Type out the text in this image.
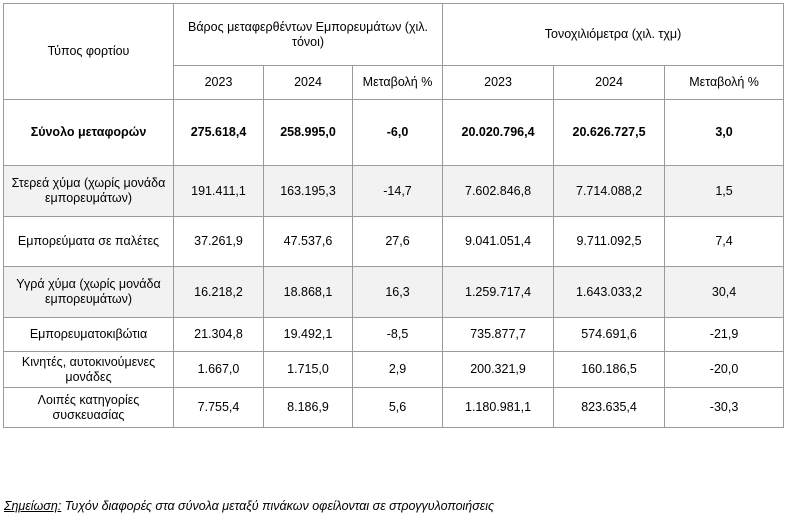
Τύπος φορτίου	Βάρος μεταφερθέντων Εμπορευμάτων (χιλ. τόνοι)			Τονοχιλιόμετρα (χιλ. τχμ)		
	2023	2024	Μεταβολή %	2023	2024	Μεταβολή %
Σύνολο μεταφορών	275.618,4	258.995,0	-6,0	20.020.796,4	20.626.727,5	3,0
Στερεά χύμα (χωρίς μονάδα εμπορευμάτων)	191.411,1	163.195,3	-14,7	7.602.846,8	7.714.088,2	1,5
Εμπορεύματα σε παλέτες	37.261,9	47.537,6	27,6	9.041.051,4	9.711.092,5	7,4
Υγρά χύμα (χωρίς μονάδα εμπορευμάτων)	16.218,2	18.868,1	16,3	1.259.717,4	1.643.033,2	30,4
Εμπορευματοκιβώτια	21.304,8	19.492,1	-8,5	735.877,7	574.691,6	-21,9
Κινητές, αυτοκινούμενες μονάδες	1.667,0	1.715,0	2,9	200.321,9	160.186,5	-20,0
Λοιπές κατηγορίες συσκευασίας	7.755,4	8.186,9	5,6	1.180.981,1	823.635,4	-30,3
Σημείωση: Τυχόν διαφορές στα σύνολα μεταξύ πινάκων οφείλονται σε στρογγυλοποιήσεις
